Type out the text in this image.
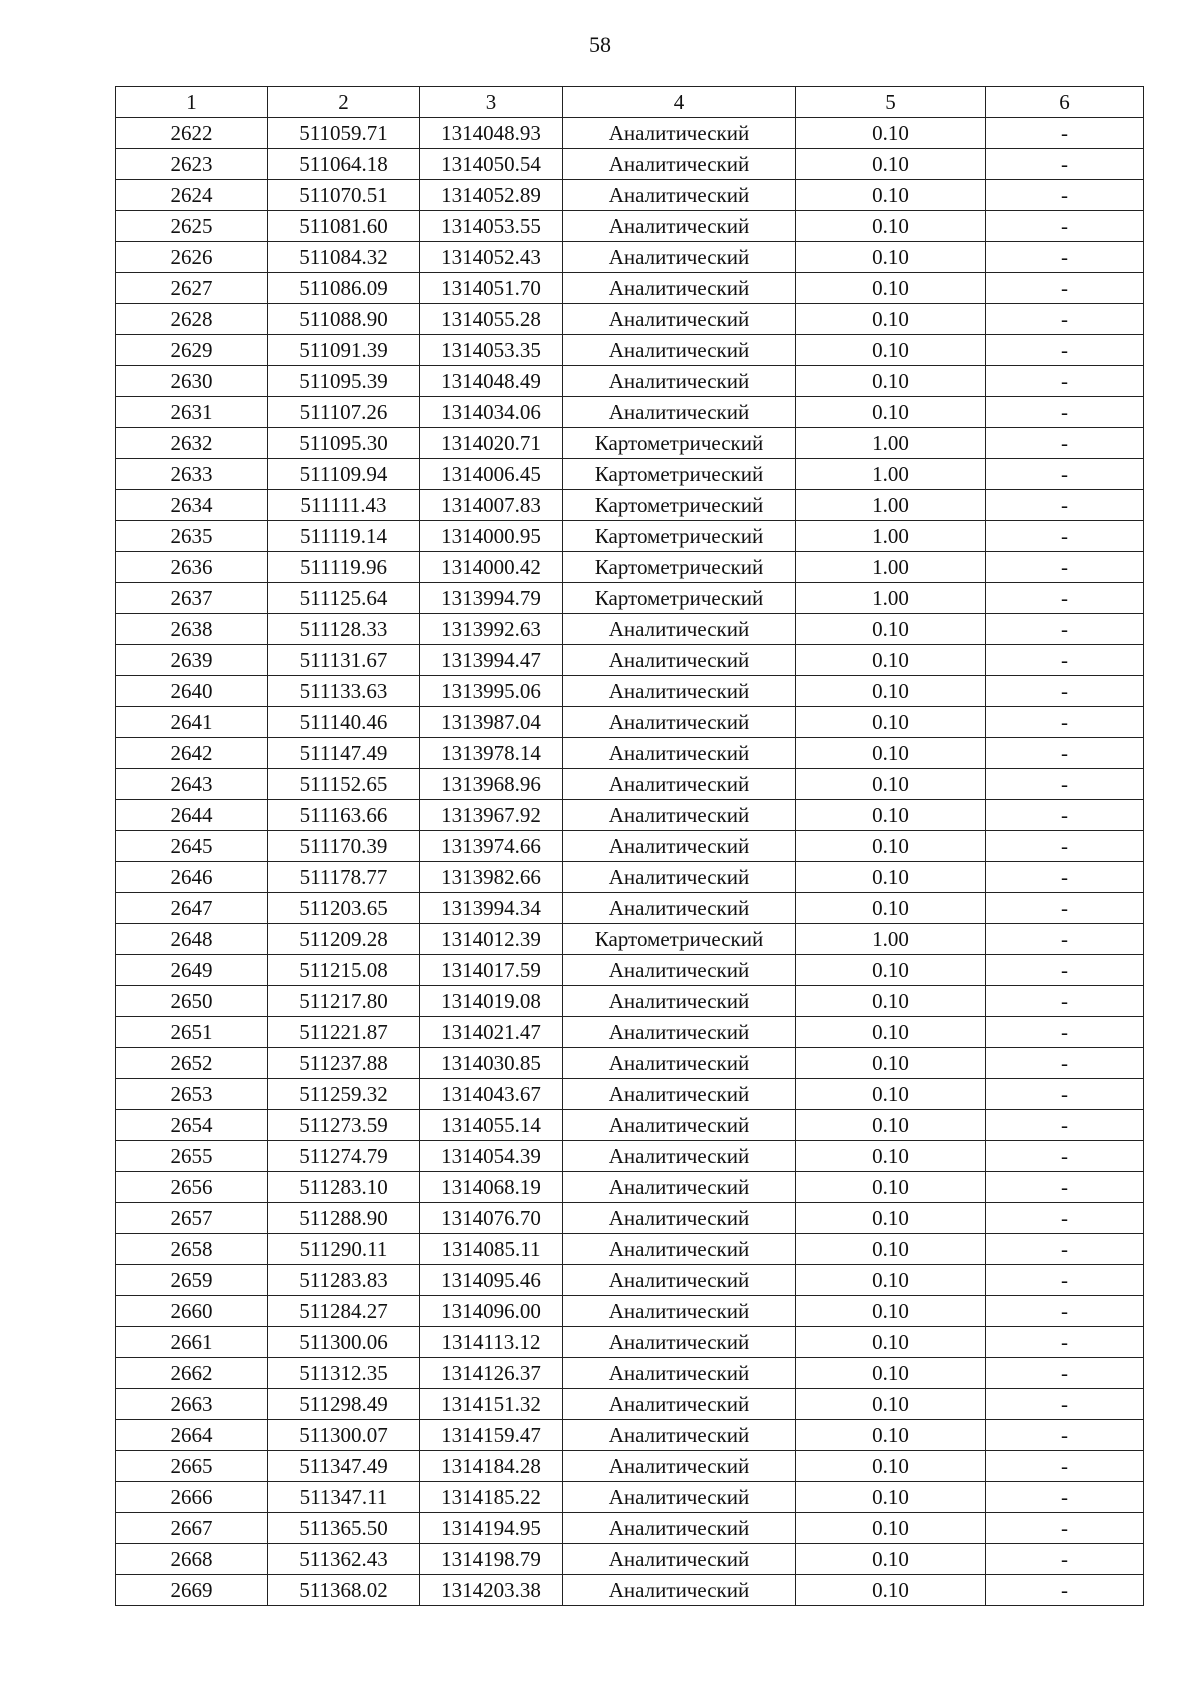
58
1	2	3	4	5	6
2622	511059.71	1314048.93	Аналитический	0.10	-
2623	511064.18	1314050.54	Аналитический	0.10	-
2624	511070.51	1314052.89	Аналитический	0.10	-
2625	511081.60	1314053.55	Аналитический	0.10	-
2626	511084.32	1314052.43	Аналитический	0.10	-
2627	511086.09	1314051.70	Аналитический	0.10	-
2628	511088.90	1314055.28	Аналитический	0.10	-
2629	511091.39	1314053.35	Аналитический	0.10	-
2630	511095.39	1314048.49	Аналитический	0.10	-
2631	511107.26	1314034.06	Аналитический	0.10	-
2632	511095.30	1314020.71	Картометрический	1.00	-
2633	511109.94	1314006.45	Картометрический	1.00	-
2634	511111.43	1314007.83	Картометрический	1.00	-
2635	511119.14	1314000.95	Картометрический	1.00	-
2636	511119.96	1314000.42	Картометрический	1.00	-
2637	511125.64	1313994.79	Картометрический	1.00	-
2638	511128.33	1313992.63	Аналитический	0.10	-
2639	511131.67	1313994.47	Аналитический	0.10	-
2640	511133.63	1313995.06	Аналитический	0.10	-
2641	511140.46	1313987.04	Аналитический	0.10	-
2642	511147.49	1313978.14	Аналитический	0.10	-
2643	511152.65	1313968.96	Аналитический	0.10	-
2644	511163.66	1313967.92	Аналитический	0.10	-
2645	511170.39	1313974.66	Аналитический	0.10	-
2646	511178.77	1313982.66	Аналитический	0.10	-
2647	511203.65	1313994.34	Аналитический	0.10	-
2648	511209.28	1314012.39	Картометрический	1.00	-
2649	511215.08	1314017.59	Аналитический	0.10	-
2650	511217.80	1314019.08	Аналитический	0.10	-
2651	511221.87	1314021.47	Аналитический	0.10	-
2652	511237.88	1314030.85	Аналитический	0.10	-
2653	511259.32	1314043.67	Аналитический	0.10	-
2654	511273.59	1314055.14	Аналитический	0.10	-
2655	511274.79	1314054.39	Аналитический	0.10	-
2656	511283.10	1314068.19	Аналитический	0.10	-
2657	511288.90	1314076.70	Аналитический	0.10	-
2658	511290.11	1314085.11	Аналитический	0.10	-
2659	511283.83	1314095.46	Аналитический	0.10	-
2660	511284.27	1314096.00	Аналитический	0.10	-
2661	511300.06	1314113.12	Аналитический	0.10	-
2662	511312.35	1314126.37	Аналитический	0.10	-
2663	511298.49	1314151.32	Аналитический	0.10	-
2664	511300.07	1314159.47	Аналитический	0.10	-
2665	511347.49	1314184.28	Аналитический	0.10	-
2666	511347.11	1314185.22	Аналитический	0.10	-
2667	511365.50	1314194.95	Аналитический	0.10	-
2668	511362.43	1314198.79	Аналитический	0.10	-
2669	511368.02	1314203.38	Аналитический	0.10	-
